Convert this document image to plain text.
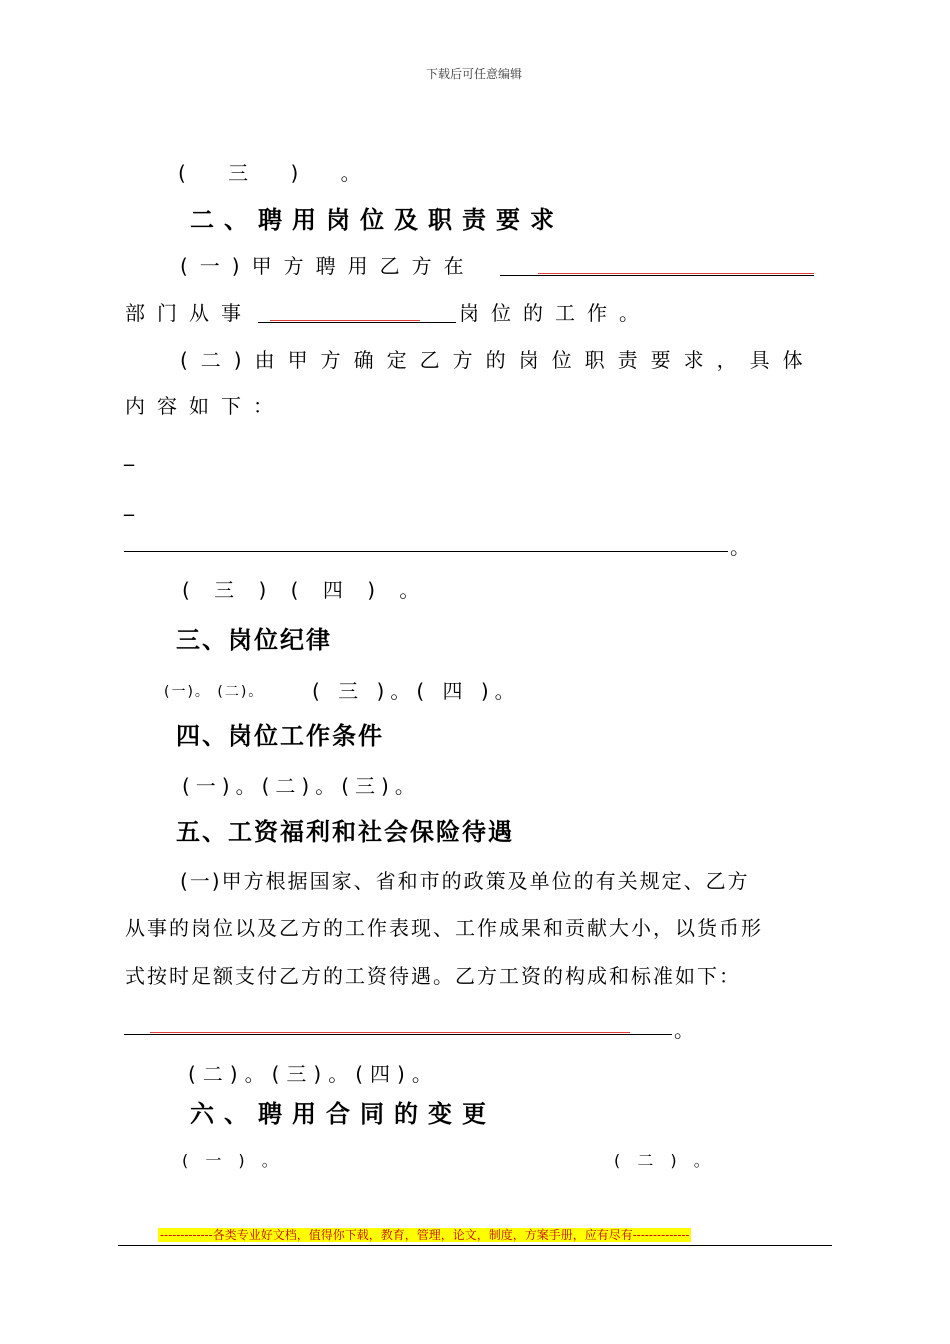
下载后可任意编辑
( 三 ) 。
二、聘用岗位及职责要求
(一)甲方聘用乙方在
部门从事	岗位的工作。
(二)由甲方确定乙方的岗位职责要求，具体
内容如下：
_
_
。
( 三 ) ( 四 ) 。
三、岗位纪律
(一)。 (二)。 ( 三 )。( 四 )。
四、岗位工作条件
(一)。(二)。(三)。
五、工资福利和社会保险待遇
(一)甲方根据国家、省和市的政策及单位的有关规定、乙方
从事的岗位以及乙方的工作表现、工作成果和贡献大小，以货币形
式按时足额支付乙方的工资待遇。乙方工资的构成和标准如下：
。
(二)。(三)。(四)。
六、聘用合同的变更
( 一 ) 。	( 二 ) 。
-------------各类专业好文档，值得你下载，教育，管理，论文，制度，方案手册，应有尽有--------------
